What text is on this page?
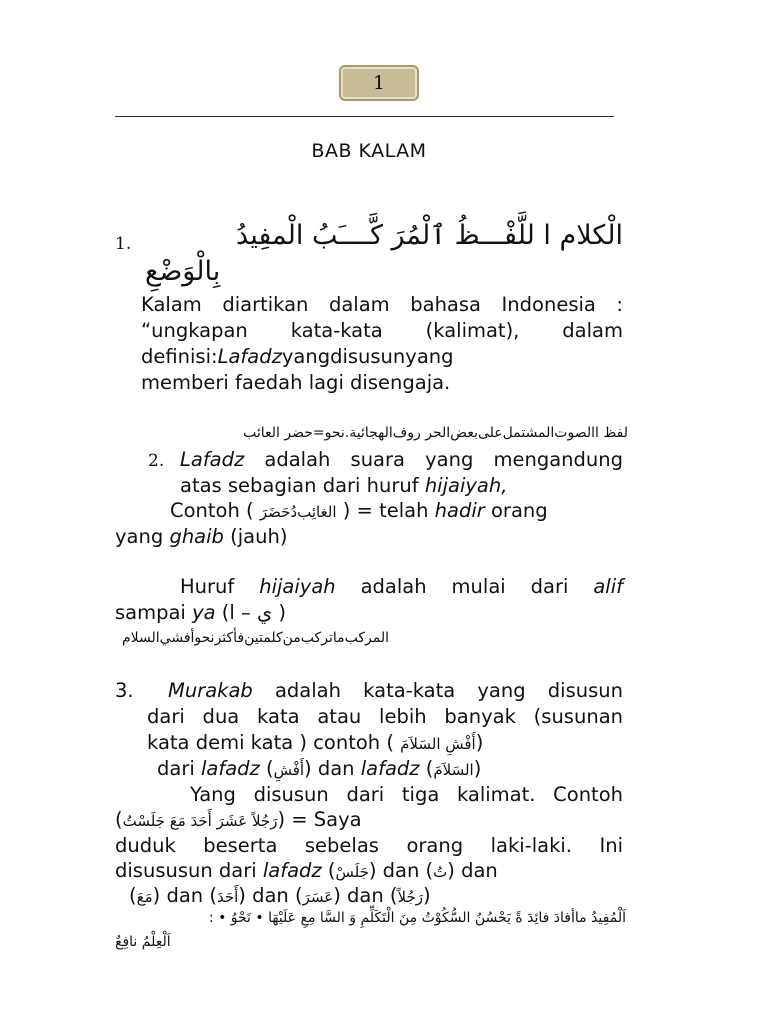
1
BAB KALAM
1.	الْكلام ا للَّفْـــظُ ٱلْمُرَ كَّــــَبُ الْمفِيدُ
بِالْوَضْعِ
Kalam diartikan dalam bahasa Indonesia :
“ungkapan kata-kata (kalimat), dalam
definisi:Lafadzyangdisusunyang
memberi faedah lagi disengaja.
لفظ االصوت‌المشتمل‌على‌بعض‌الحر روف‌الهجائية.نحو=حضر العائب
2. Lafadz adalah suara yang mengandung
atas sebagian dari huruf hijaiyah,
Contoh ( الغائِب‌دُحَضَرَ ) = telah hadir orang
yang ghaib (jauh)
Huruf hijaiyah adalah mulai dari alif
sampai ya (ي – ا )
المركب‌ماتركب‌من‌كلمتين‌فأكثر‌نحو‌أفشي‌السلام
3. Murakab adalah kata-kata yang disusun
dari dua kata atau lebih banyak (susunan
kata demi kata ) contoh ( أَفْشِ السَلاَمَ)
dari lafadz (أَفْشِ) dan lafadz (السَلاَمَ)
Yang disusun dari tiga kalimat. Contoh
(رَجُلاً عَشَرَ أَحَدَ مَعَ جَلَسْتُ) = Saya
duduk beserta sebelas orang laki-laki. Ini
disususun dari lafadz (جَلَسْ) dan (تُ) dan
(مَعَ) dan (أَحَدَ) dan (عَسَرَ) dan (رَجُلاً)
اَلْمُفِيدُ ماأفادَ فائِدَ ةً يَحْسُنُ السُّكُوْتُ مِنَ الْتَكَلِّمِ وَ السَّا مِعِ عَلَيْهَا • نَحْوُ • :
اَلْعِلْمُ نافِعٌ
